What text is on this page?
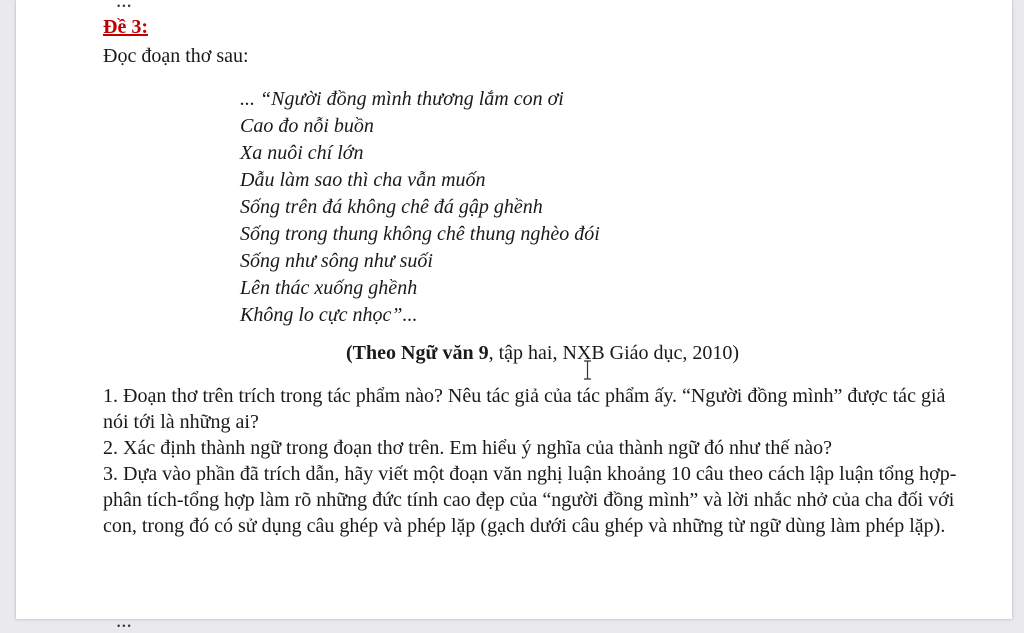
...
Đề 3:
Đọc đoạn thơ sau:
... “Người đồng mình thương lắm con ơi
Cao đo nỗi buồn
Xa nuôi chí lớn
Dẫu làm sao thì cha vẫn muốn
Sống trên đá không chê đá gập ghềnh
Sống trong thung không chê thung nghèo đói
Sống như sông như suối
Lên thác xuống ghềnh
Không lo cực nhọc”...
(Theo Ngữ văn 9, tập hai, NXB Giáo dục, 2010)

1. Đoạn thơ trên trích trong tác phẩm nào? Nêu tác giả của tác phẩm ấy. “Người đồng mình” được tác giả nói tới là những ai?

2. Xác định thành ngữ trong đoạn thơ trên. Em hiểu ý nghĩa của thành ngữ đó như thế nào?

3. Dựa vào phần đã trích dẫn, hãy viết một đoạn văn nghị luận khoảng 10 câu theo cách lập luận tổng hợp- phân tích-tổng hợp làm rõ những đức tính cao đẹp của “người đồng mình” và lời nhắc nhở của cha đối với con, trong đó có sử dụng câu ghép và phép lặp (gạch dưới câu ghép và những từ ngữ dùng làm phép lặp).

...
